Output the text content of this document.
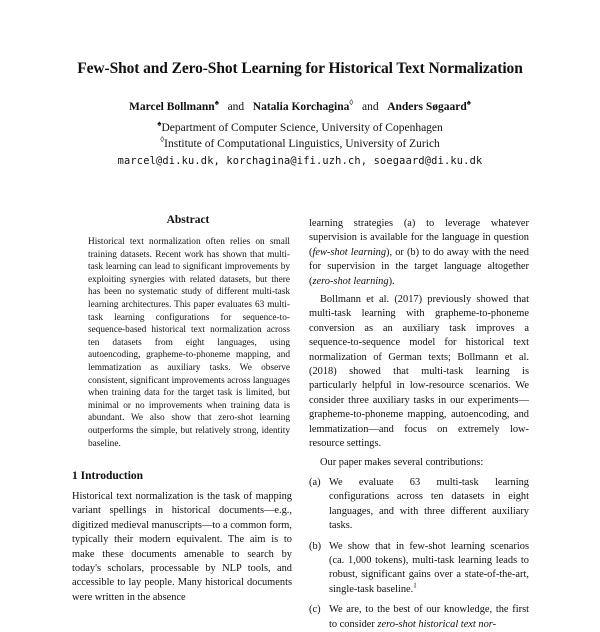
Few-Shot and Zero-Shot Learning for Historical Text Normalization
Marcel Bollmann♠ and Natalia Korchagina◊ and Anders Søgaard♠
♠Department of Computer Science, University of Copenhagen
◊Institute of Computational Linguistics, University of Zurich
marcel@di.ku.dk, korchagina@ifi.uzh.ch, soegaard@di.ku.dk
Abstract
Historical text normalization often relies on small training datasets. Recent work has shown that multi-task learning can lead to significant improvements by exploiting synergies with related datasets, but there has been no systematic study of different multi-task learning architectures. This paper evaluates 63 multi-task learning configurations for sequence-to-sequence-based historical text normalization across ten datasets from eight languages, using autoencoding, grapheme-to-phoneme mapping, and lemmatization as auxiliary tasks. We observe consistent, significant improvements across languages when training data for the target task is limited, but minimal or no improvements when training data is abundant. We also show that zero-shot learning outperforms the simple, but relatively strong, identity baseline.
1 Introduction
Historical text normalization is the task of mapping variant spellings in historical documents—e.g., digitized medieval manuscripts—to a common form, typically their modern equivalent. The aim is to make these documents amenable to search by today's scholars, processable by NLP tools, and accessible to lay people. Many historical documents were written in the absence

learning strategies (a) to leverage whatever supervision is available for the language in question (few-shot learning), or (b) to do away with the need for supervision in the target language altogether (zero-shot learning).

Bollmann et al. (2017) previously showed that multi-task learning with grapheme-to-phoneme conversion as an auxiliary task improves a sequence-to-sequence model for historical text normalization of German texts; Bollmann et al. (2018) showed that multi-task learning is particularly helpful in low-resource scenarios. We consider three auxiliary tasks in our experiments—grapheme-to-phoneme mapping, autoencoding, and lemmatization—and focus on extremely low-resource settings.

Our paper makes several contributions:

(a) We evaluate 63 multi-task learning configurations across ten datasets in eight languages, and with three different auxiliary tasks.
(b) We show that in few-shot learning scenarios (ca. 1,000 tokens), multi-task learning leads to robust, significant gains over a state-of-the-art, single-task baseline.$^1$
(c) We are, to the best of our knowledge, the first to consider zero-shot historical text nor-
